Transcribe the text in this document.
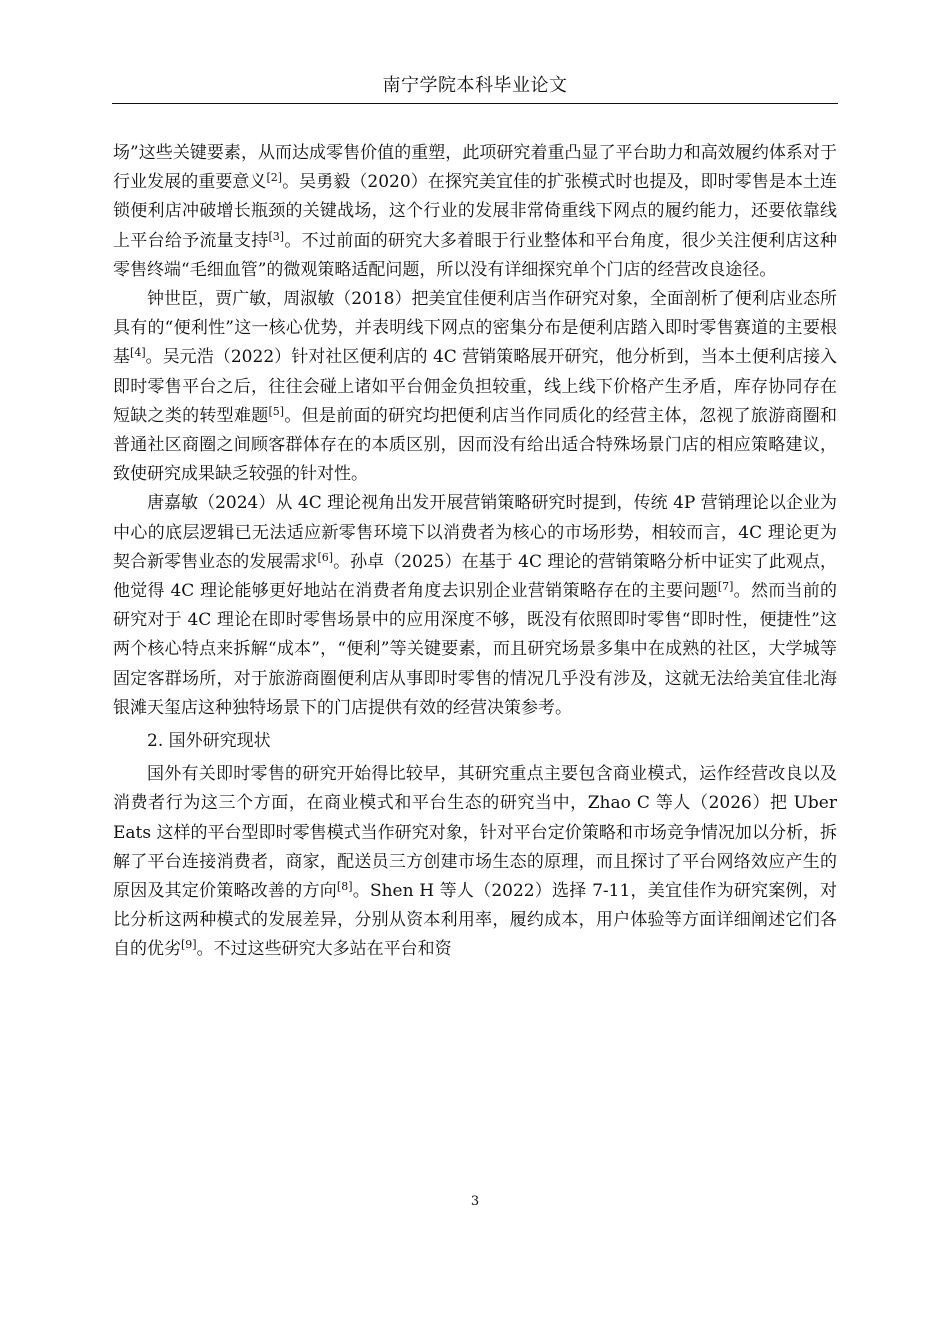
南宁学院本科毕业论文

场”这些关键要素，从而达成零售价值的重塑，此项研究着重凸显了平台助力和高效履约体系对于行业发展的重要意义[2]。吴勇毅（2020）在探究美宜佳的扩张模式时也提及，即时零售是本土连锁便利店冲破增长瓶颈的关键战场，这个行业的发展非常倚重线下网点的履约能力，还要依靠线上平台给予流量支持[3]。不过前面的研究大多着眼于行业整体和平台角度，很少关注便利店这种零售终端“毛细血管”的微观策略适配问题，所以没有详细探究单个门店的经营改良途径。

钟世臣，贾广敏，周淑敏（2018）把美宜佳便利店当作研究对象，全面剖析了便利店业态所具有的“便利性”这一核心优势，并表明线下网点的密集分布是便利店踏入即时零售赛道的主要根基[4]。吴元浩（2022）针对社区便利店的 4C 营销策略展开研究，他分析到，当本土便利店接入即时零售平台之后，往往会碰上诸如平台佣金负担较重，线上线下价格产生矛盾，库存协同存在短缺之类的转型难题[5]。但是前面的研究均把便利店当作同质化的经营主体，忽视了旅游商圈和普通社区商圈之间顾客群体存在的本质区别，因而没有给出适合特殊场景门店的相应策略建议，致使研究成果缺乏较强的针对性。

唐嘉敏（2024）从 4C 理论视角出发开展营销策略研究时提到，传统 4P 营销理论以企业为中心的底层逻辑已无法适应新零售环境下以消费者为核心的市场形势，相较而言，4C 理论更为契合新零售业态的发展需求[6]。孙卓（2025）在基于 4C 理论的营销策略分析中证实了此观点，他觉得 4C 理论能够更好地站在消费者角度去识别企业营销策略存在的主要问题[7]。然而当前的研究对于 4C 理论在即时零售场景中的应用深度不够，既没有依照即时零售“即时性，便捷性”这两个核心特点来拆解“成本”，“便利”等关键要素，而且研究场景多集中在成熟的社区，大学城等固定客群场所，对于旅游商圈便利店从事即时零售的情况几乎没有涉及，这就无法给美宜佳北海银滩天玺店这种独特场景下的门店提供有效的经营决策参考。

2. 国外研究现状

国外有关即时零售的研究开始得比较早，其研究重点主要包含商业模式，运作经营改良以及消费者行为这三个方面，在商业模式和平台生态的研究当中，Zhao C 等人（2026）把 Uber Eats 这样的平台型即时零售模式当作研究对象，针对平台定价策略和市场竞争情况加以分析，拆解了平台连接消费者，商家，配送员三方创建市场生态的原理，而且探讨了平台网络效应产生的原因及其定价策略改善的方向[8]。Shen H 等人（2022）选择 7-11，美宜佳作为研究案例，对比分析这两种模式的发展差异，分别从资本利用率，履约成本，用户体验等方面详细阐述它们各自的优劣[9]。不过这些研究大多站在平台和资

3
